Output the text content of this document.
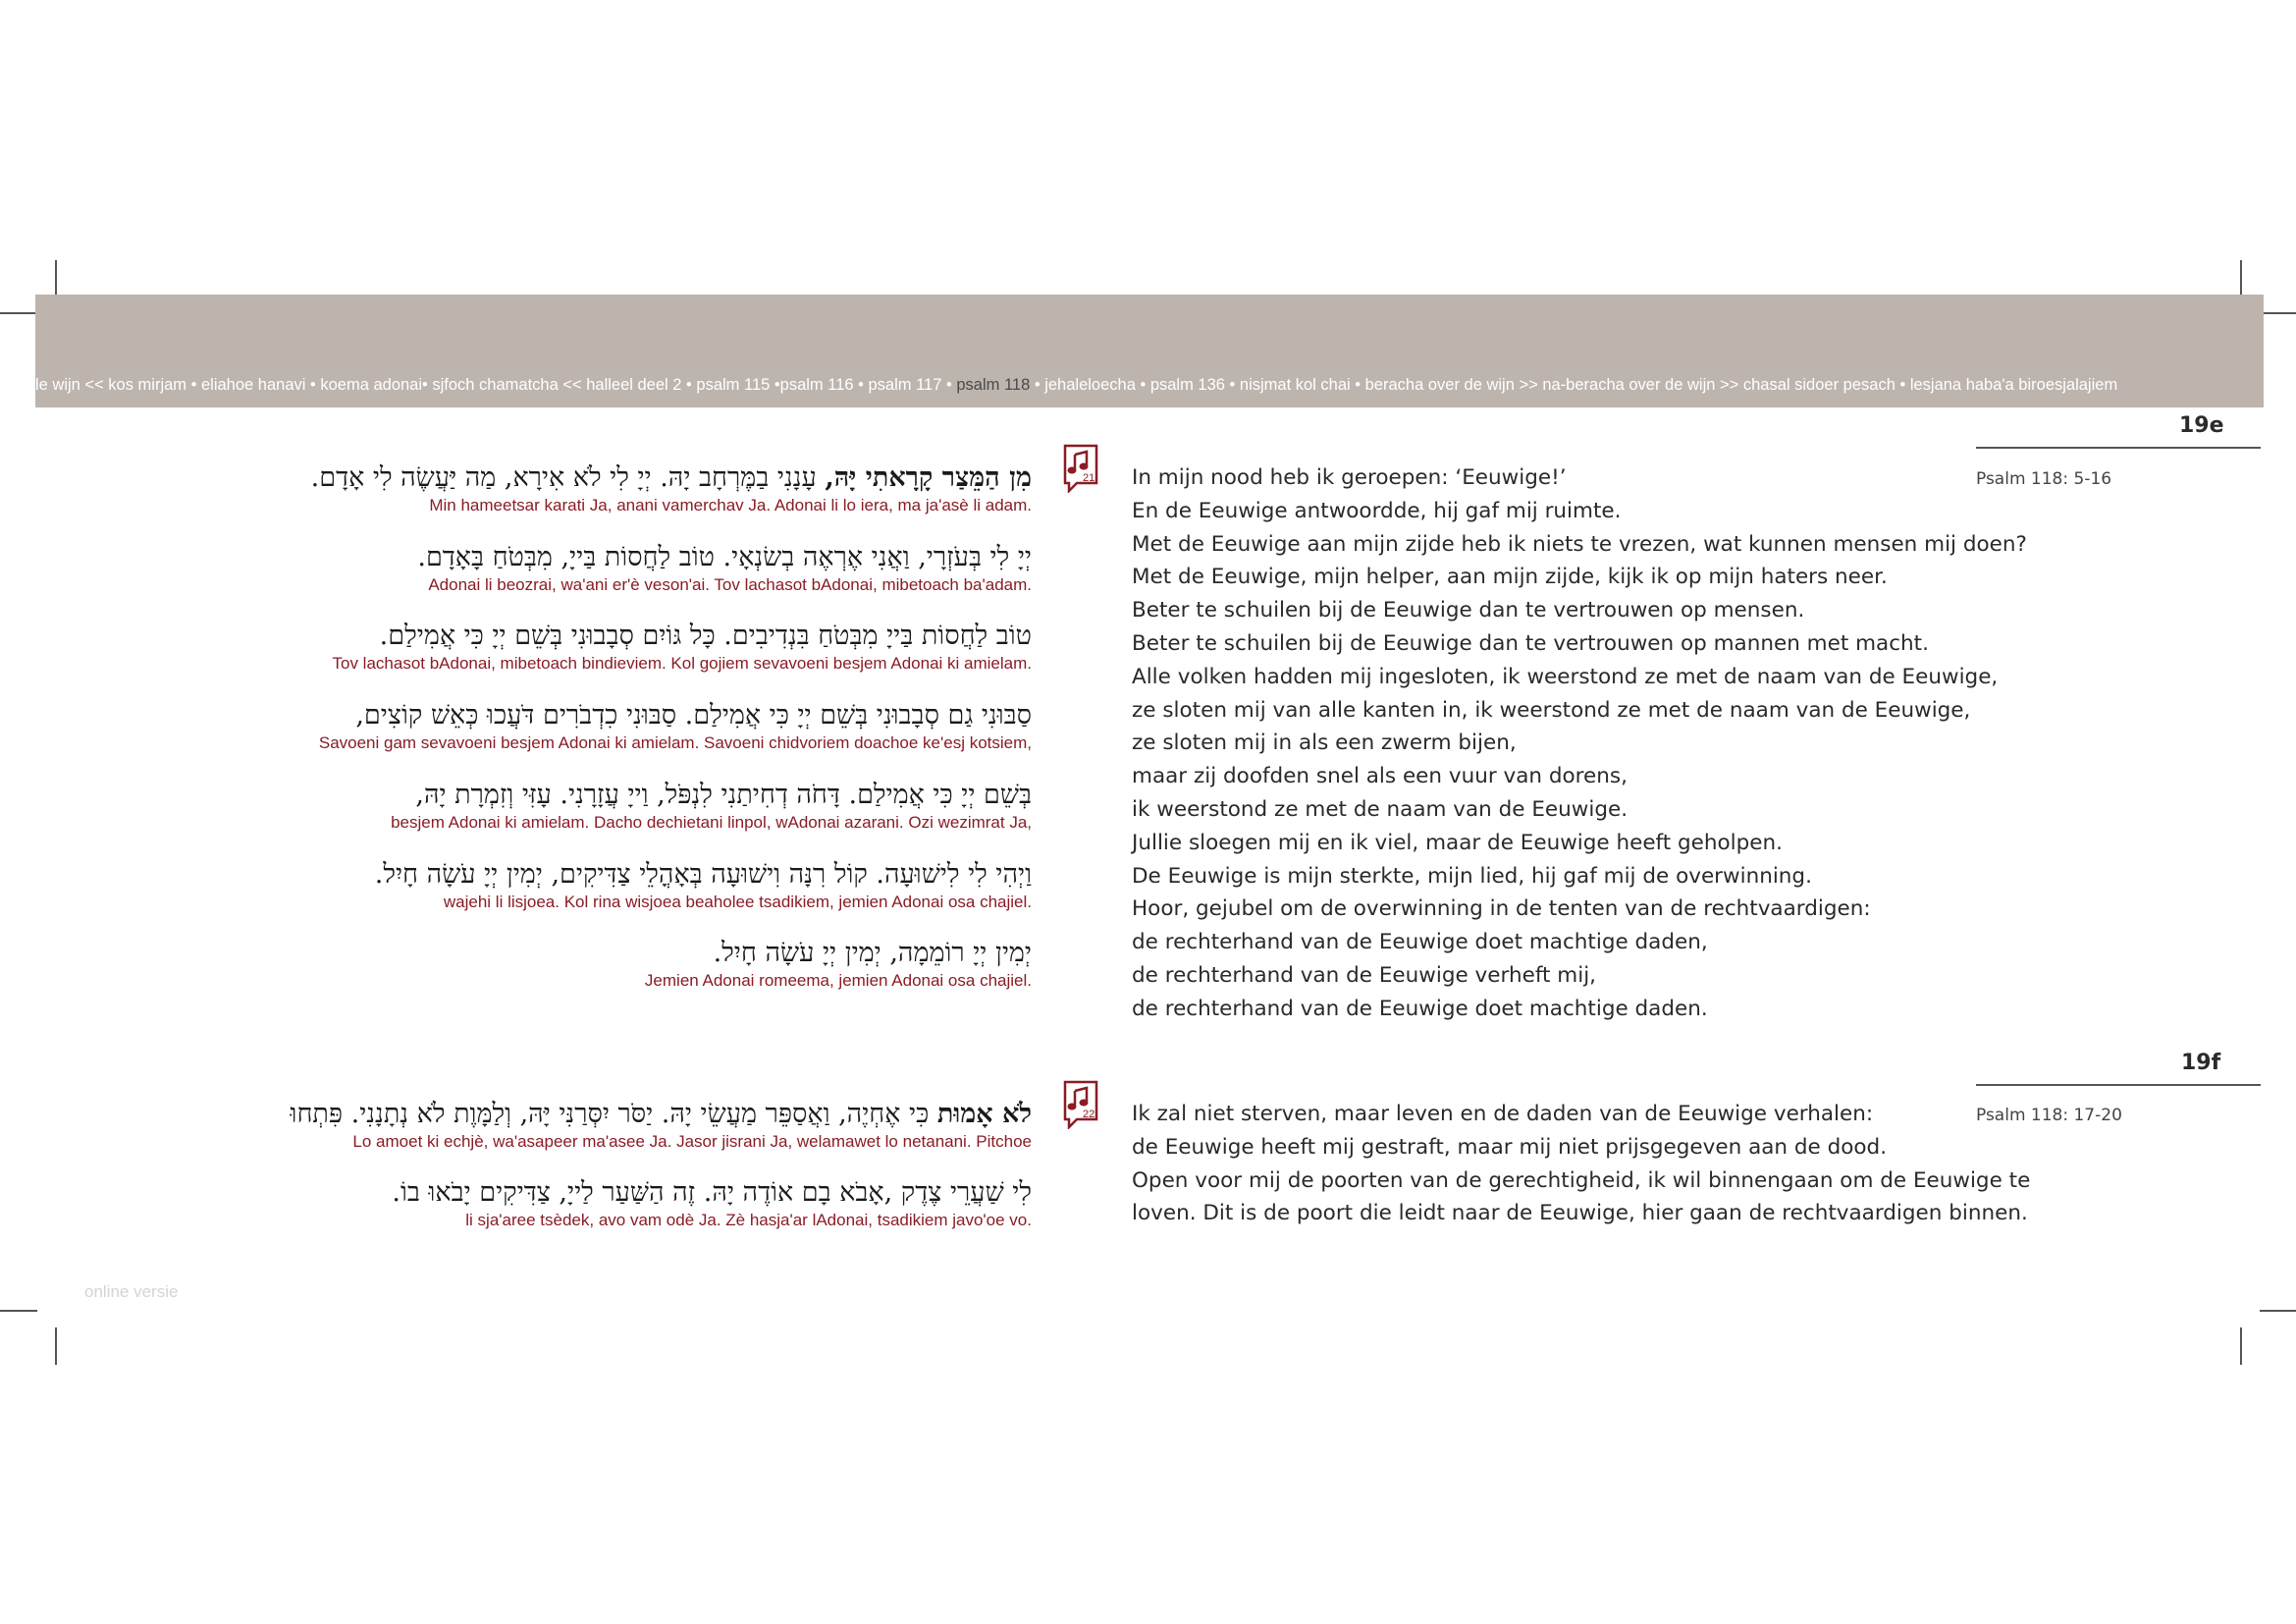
le wijn << kos mirjam • eliahoe hanavi • koema adonai• sjfoch chamatcha << halleel deel 2 • psalm 115 •psalm 116 • psalm 117 • psalm 118 • jehaleloecha • psalm 136 • nisjmat kol chai • beracha over de wijn >> na-beracha over de wijn >> chasal sidoer pesach • lesjana haba'a biroesjalajiem
19e
Psalm 118: 5-16
21
מִן הַמֵּצַר קָרָאתִי יָּהּ, עָנָנִי בַמֶּרְחָב יָהּ. יְיָ לִי לֹא אִירָא, מַה יַּעֲשֶׂה לִי אָדָם.
Min hameetsar karati Ja, anani vamerchav Ja. Adonai li lo iera, ma ja'asè li adam.
יְיָ לִי בְּעֹזְרָי, וַאֲנִי אֶרְאֶה בְשׂנְאָי. טוֹב לַחֲסוֹת בַּייָ, מִבְּטֹחַ בָּאָדָם.
Adonai li beozrai, wa'ani er'è veson'ai. Tov lachasot bAdonai, mibetoach ba'adam.
טוֹב לַחֲסוֹת בַּייָ מִבְּטֹחַ בִּנְדִיבִים. כָּל גּוֹיִם סְבָבוּנִי בְּשֵׁם יְיָ כִּי אֲמִילַם.
Tov lachasot bAdonai, mibetoach bindieviem. Kol gojiem sevavoeni besjem Adonai ki amielam.
סַבּוּנִי גַם סְבָבוּנִי בְּשֵׁם יְיָ כִּי אֲמִילַם. סַבּוּנִי כִדְבֹרִים דֹּעֲכוּ כְּאֵשׁ קוֹצִים,
Savoeni gam sevavoeni besjem Adonai ki amielam. Savoeni chidvoriem doachoe ke'esj kotsiem,
בְּשֵׁם יְיָ כִּי אֲמִילַם. דָּחֹה דְחִיתַנִי לִנְפֹּל, וַייָ עֲזָרָנִי. עָזִּי וְזִמְרָת יָהּ,
besjem Adonai ki amielam. Dacho dechietani linpol, wAdonai azarani. Ozi wezimrat Ja,
וַיְהִי לִי לִישׁוּעָה. קוֹל רִנָּה וִישׁוּעָה בְּאָהֳלֵי צַדִּיקִים, יְמִין יְיָ עֹשָׂה חָיִל.
wajehi li lisjoea. Kol rina wisjoea beaholee tsadikiem, jemien Adonai osa chajiel.
יְמִין יְיָ רוֹמֵמָה, יְמִין יְיָ עֹשָׂה חָיִל.
Jemien Adonai romeema, jemien Adonai osa chajiel.
In mijn nood heb ik geroepen: ‘Eeuwige!’
En de Eeuwige antwoordde, hij gaf mij ruimte.
Met de Eeuwige aan mijn zijde heb ik niets te vrezen, wat kunnen mensen mij doen?
Met de Eeuwige, mijn helper, aan mijn zijde, kijk ik op mijn haters neer.
Beter te schuilen bij de Eeuwige dan te vertrouwen op mensen.
Beter te schuilen bij de Eeuwige dan te vertrouwen op mannen met macht.
Alle volken hadden mij ingesloten, ik weerstond ze met de naam van de Eeuwige,
ze sloten mij van alle kanten in, ik weerstond ze met de naam van de Eeuwige,
ze sloten mij in als een zwerm bijen,
maar zij doofden snel als een vuur van dorens,
ik weerstond ze met de naam van de Eeuwige.
Jullie sloegen mij en ik viel, maar de Eeuwige heeft geholpen.
De Eeuwige is mijn sterkte, mijn lied, hij gaf mij de overwinning.
Hoor, gejubel om de overwinning in de tenten van de rechtvaardigen:
de rechterhand van de Eeuwige doet machtige daden,
de rechterhand van de Eeuwige verheft mij,
de rechterhand van de Eeuwige doet machtige daden.
19f
Psalm 118: 17-20
22
לֹא אָמוּת כִּי אֶחְיֶה, וַאֲסַפֵּר מַעֲשֵׂי יָהּ. יַסֹּר יִסְּרַנִּי יָּהּ, וְלַמָּוֶת לֹא נְתָנָנִי. פִּתְחוּ
Lo amoet ki echjè, wa'asapeer ma'asee Ja. Jasor jisrani Ja, welamawet lo netanani. Pitchoe
לִי שַׁעֲרֵי צֶדֶק ,אָבֹא בָם אוֹדֶה יָהּ. זֶה הַשַּׁעַר לַייָ, צַדִּיקִים יָבֹאוּ בוֹ.
li sja'aree tsèdek, avo vam odè Ja. Zè hasja'ar lAdonai, tsadikiem javo'oe vo.
Ik zal niet sterven, maar leven en de daden van de Eeuwige verhalen:
de Eeuwige heeft mij gestraft, maar mij niet prijsgegeven aan de dood.
Open voor mij de poorten van de gerechtigheid, ik wil binnengaan om de Eeuwige te
loven. Dit is de poort die leidt naar de Eeuwige, hier gaan de rechtvaardigen binnen.
online versie
